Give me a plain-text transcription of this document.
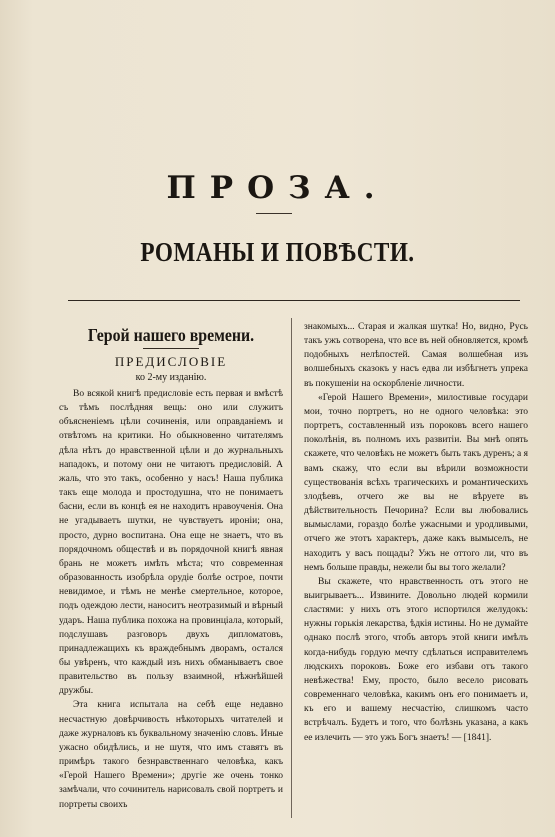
ПРОЗА.
РОМАНЫ И ПОВѢСТИ.
Герой нашего времени.
ПРЕДИСЛОВІЕ
ко 2-му изданію.

Во всякой книгѣ предисловіе есть первая и вмѣстѣ съ тѣмъ послѣдняя вещь: оно или служитъ объясненіемъ цѣли сочиненія, или оправданіемъ и отвѣтомъ на критики. Но обыкновенно читателямъ дѣла нѣтъ до нравственной цѣли и до журнальныхъ нападокъ, и потому они не читаютъ предисловій. А жаль, что это такъ, особенно у насъ! Наша публика такъ еще молода и простодушна, что не понимаетъ басни, если въ концѣ ея не находитъ нравоученія. Она не угадываетъ шутки, не чувствуетъ ироніи; она, просто, дурно воспитана. Она еще не знаетъ, что въ порядочномъ обществѣ и въ порядочной книгѣ явная брань не можетъ имѣть мѣста; что современная образованность изобрѣла орудіе болѣе острое, почти невидимое, и тѣмъ не менѣе смертельное, которое, подъ одеждою лести, наноситъ неотразимый и вѣрный ударъ. Наша публика похожа на провинціала, который, подслушавъ разговоръ двухъ дипломатовъ, принадлежащихъ къ враждебнымъ дворамъ, остался бы увѣренъ, что каждый изъ нихъ обманываетъ свое правительство въ пользу взаимной, нѣжнѣйшей дружбы.

Эта книга испытала на себѣ еще недавно несчастную довѣрчивость нѣкоторыхъ читателей и даже журналовъ къ буквальному значенію словъ. Иные ужасно обидѣлись, и не шутя, что имъ ставятъ въ примѣръ такого безнравственнаго человѣка, какъ «Герой Нашего Времени»; другіе же очень тонко замѣчали, что сочинитель нарисовалъ свой портретъ и портреты своихъ

знакомыхъ... Старая и жалкая шутка! Но, видно, Русь такъ ужъ сотворена, что все въ ней обновляется, кромѣ подобныхъ нелѣпостей. Самая волшебная изъ волшебныхъ сказокъ у насъ едва ли избѣгнетъ упрека въ покушеніи на оскорбленіе личности.

«Герой Нашего Времени», милостивые государи мои, точно портретъ, но не одного человѣка: это портретъ, составленный изъ пороковъ всего нашего поколѣнія, въ полномъ ихъ развитіи. Вы мнѣ опять скажете, что человѣкъ не можетъ быть такъ дуренъ; а я вамъ скажу, что если вы вѣрили возможности существованія всѣхъ трагическихъ и романтическихъ злодѣевъ, отчего же вы не вѣруете въ дѣйствительность Печорина? Если вы любовались вымыслами, гораздо болѣе ужасными и уродливыми, отчего же этотъ характеръ, даже какъ вымыселъ, не находитъ у васъ пощады? Ужъ не оттого ли, что въ немъ больше правды, нежели бы вы того желали?

Вы скажете, что нравственность отъ этого не выигрываетъ... Извините. Довольно людей кормили сластями: у нихъ отъ этого испортился желудокъ: нужны горькія лекарства, ѣдкія истины. Но не думайте однако послѣ этого, чтобъ авторъ этой книги имѣлъ когда-нибудь гордую мечту сдѣлаться исправителемъ людскихъ пороковъ. Боже его избави отъ такого невѣжества! Ему, просто, было весело рисовать современнаго человѣка, какимъ онъ его понимаетъ и, къ его и вашему несчастію, слишкомъ часто встрѣчалъ. Будетъ и того, что болѣзнь указана, а какъ ее излечить — это ужъ Богъ знаетъ! — [1841].
